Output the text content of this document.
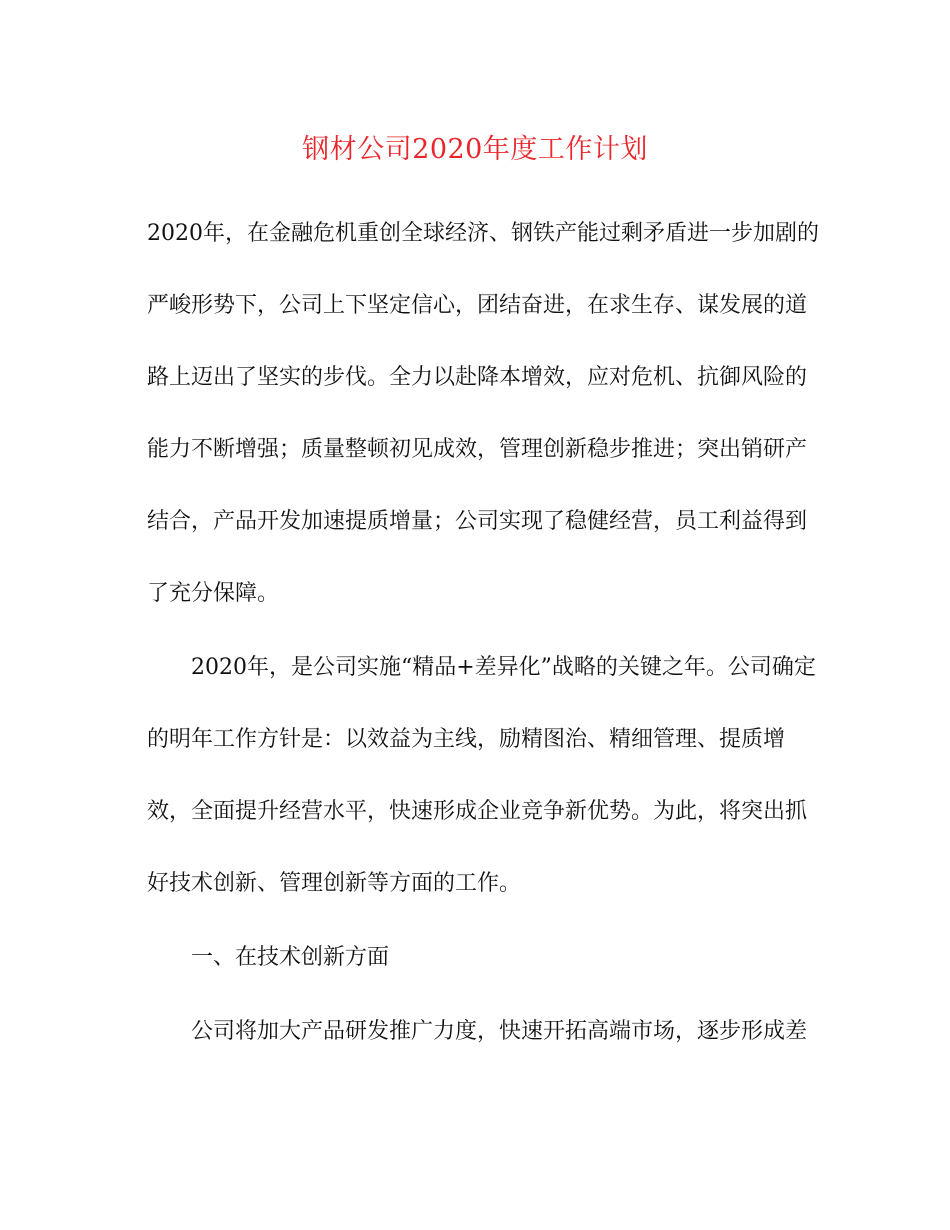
钢材公司2020年度工作计划
2020年，在金融危机重创全球经济、钢铁产能过剩矛盾进一步加剧的
严峻形势下，公司上下坚定信心，团结奋进，在求生存、谋发展的道
路上迈出了坚实的步伐。全力以赴降本增效，应对危机、抗御风险的
能力不断增强；质量整顿初见成效，管理创新稳步推进；突出销研产
结合，产品开发加速提质增量；公司实现了稳健经营，员工利益得到
了充分保障。
2020年，是公司实施“精品+差异化”战略的关键之年。公司确定
的明年工作方针是：以效益为主线，励精图治、精细管理、提质增
效，全面提升经营水平，快速形成企业竞争新优势。为此，将突出抓
好技术创新、管理创新等方面的工作。
一、在技术创新方面
公司将加大产品研发推广力度，快速开拓高端市场，逐步形成差
